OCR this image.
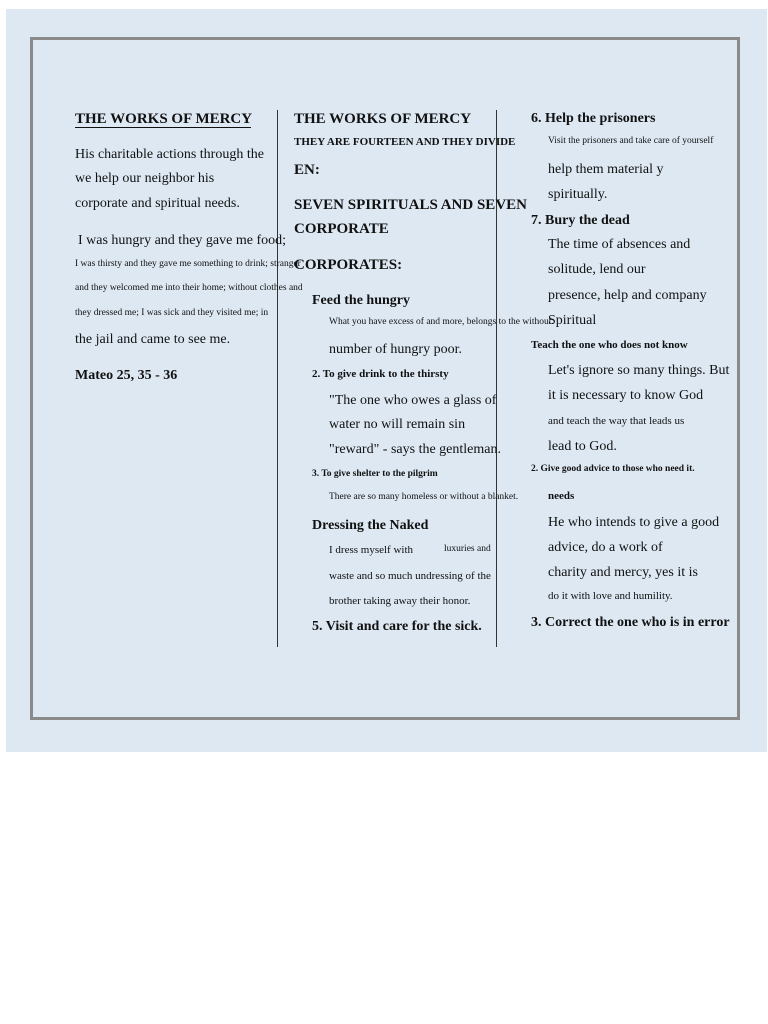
THE WORKS OF MERCY
His charitable actions through the
we help our neighbor his
corporate and spiritual needs.
I was hungry and they gave me food;
I was thirsty and they gave me something to drink; stranger
and they welcomed me into their home; without clothes and
they dressed me; I was sick and they visited me; in
the jail and came to see me.
Mateo 25, 35 - 36
THE WORKS OF MERCY
THEY ARE FOURTEEN AND THEY DIVIDE
EN:
SEVEN SPIRITUALS AND SEVEN
CORPORATE
CORPORATES:
Feed the hungry
What you have excess of and more, belongs to the without.
number of hungry poor.
2. To give drink to the thirsty
"The one who owes a glass of
water no will remain sin
"reward" - says the gentleman.
3. To give shelter to the pilgrim
There are so many homeless or without a blanket.
Dressing the Naked
I dress myself with	luxuries and
waste and so much undressing of the
brother taking away their honor.
5. Visit and care for the sick.
6. Help the prisoners
Visit the prisoners and take care of yourself
help them material y
spiritually.
7. Bury the dead
The time of absences and
solitude, lend our
presence, help and company
Spiritual
Teach the one who does not know
Let's ignore so many things. But
it is necessary to know God
and teach the way that leads us
lead to God.
2. Give good advice to those who need it.
needs
He who intends to give a good
advice, do a work of
charity and mercy, yes it is
do it with love and humility.
3. Correct the one who is in error
